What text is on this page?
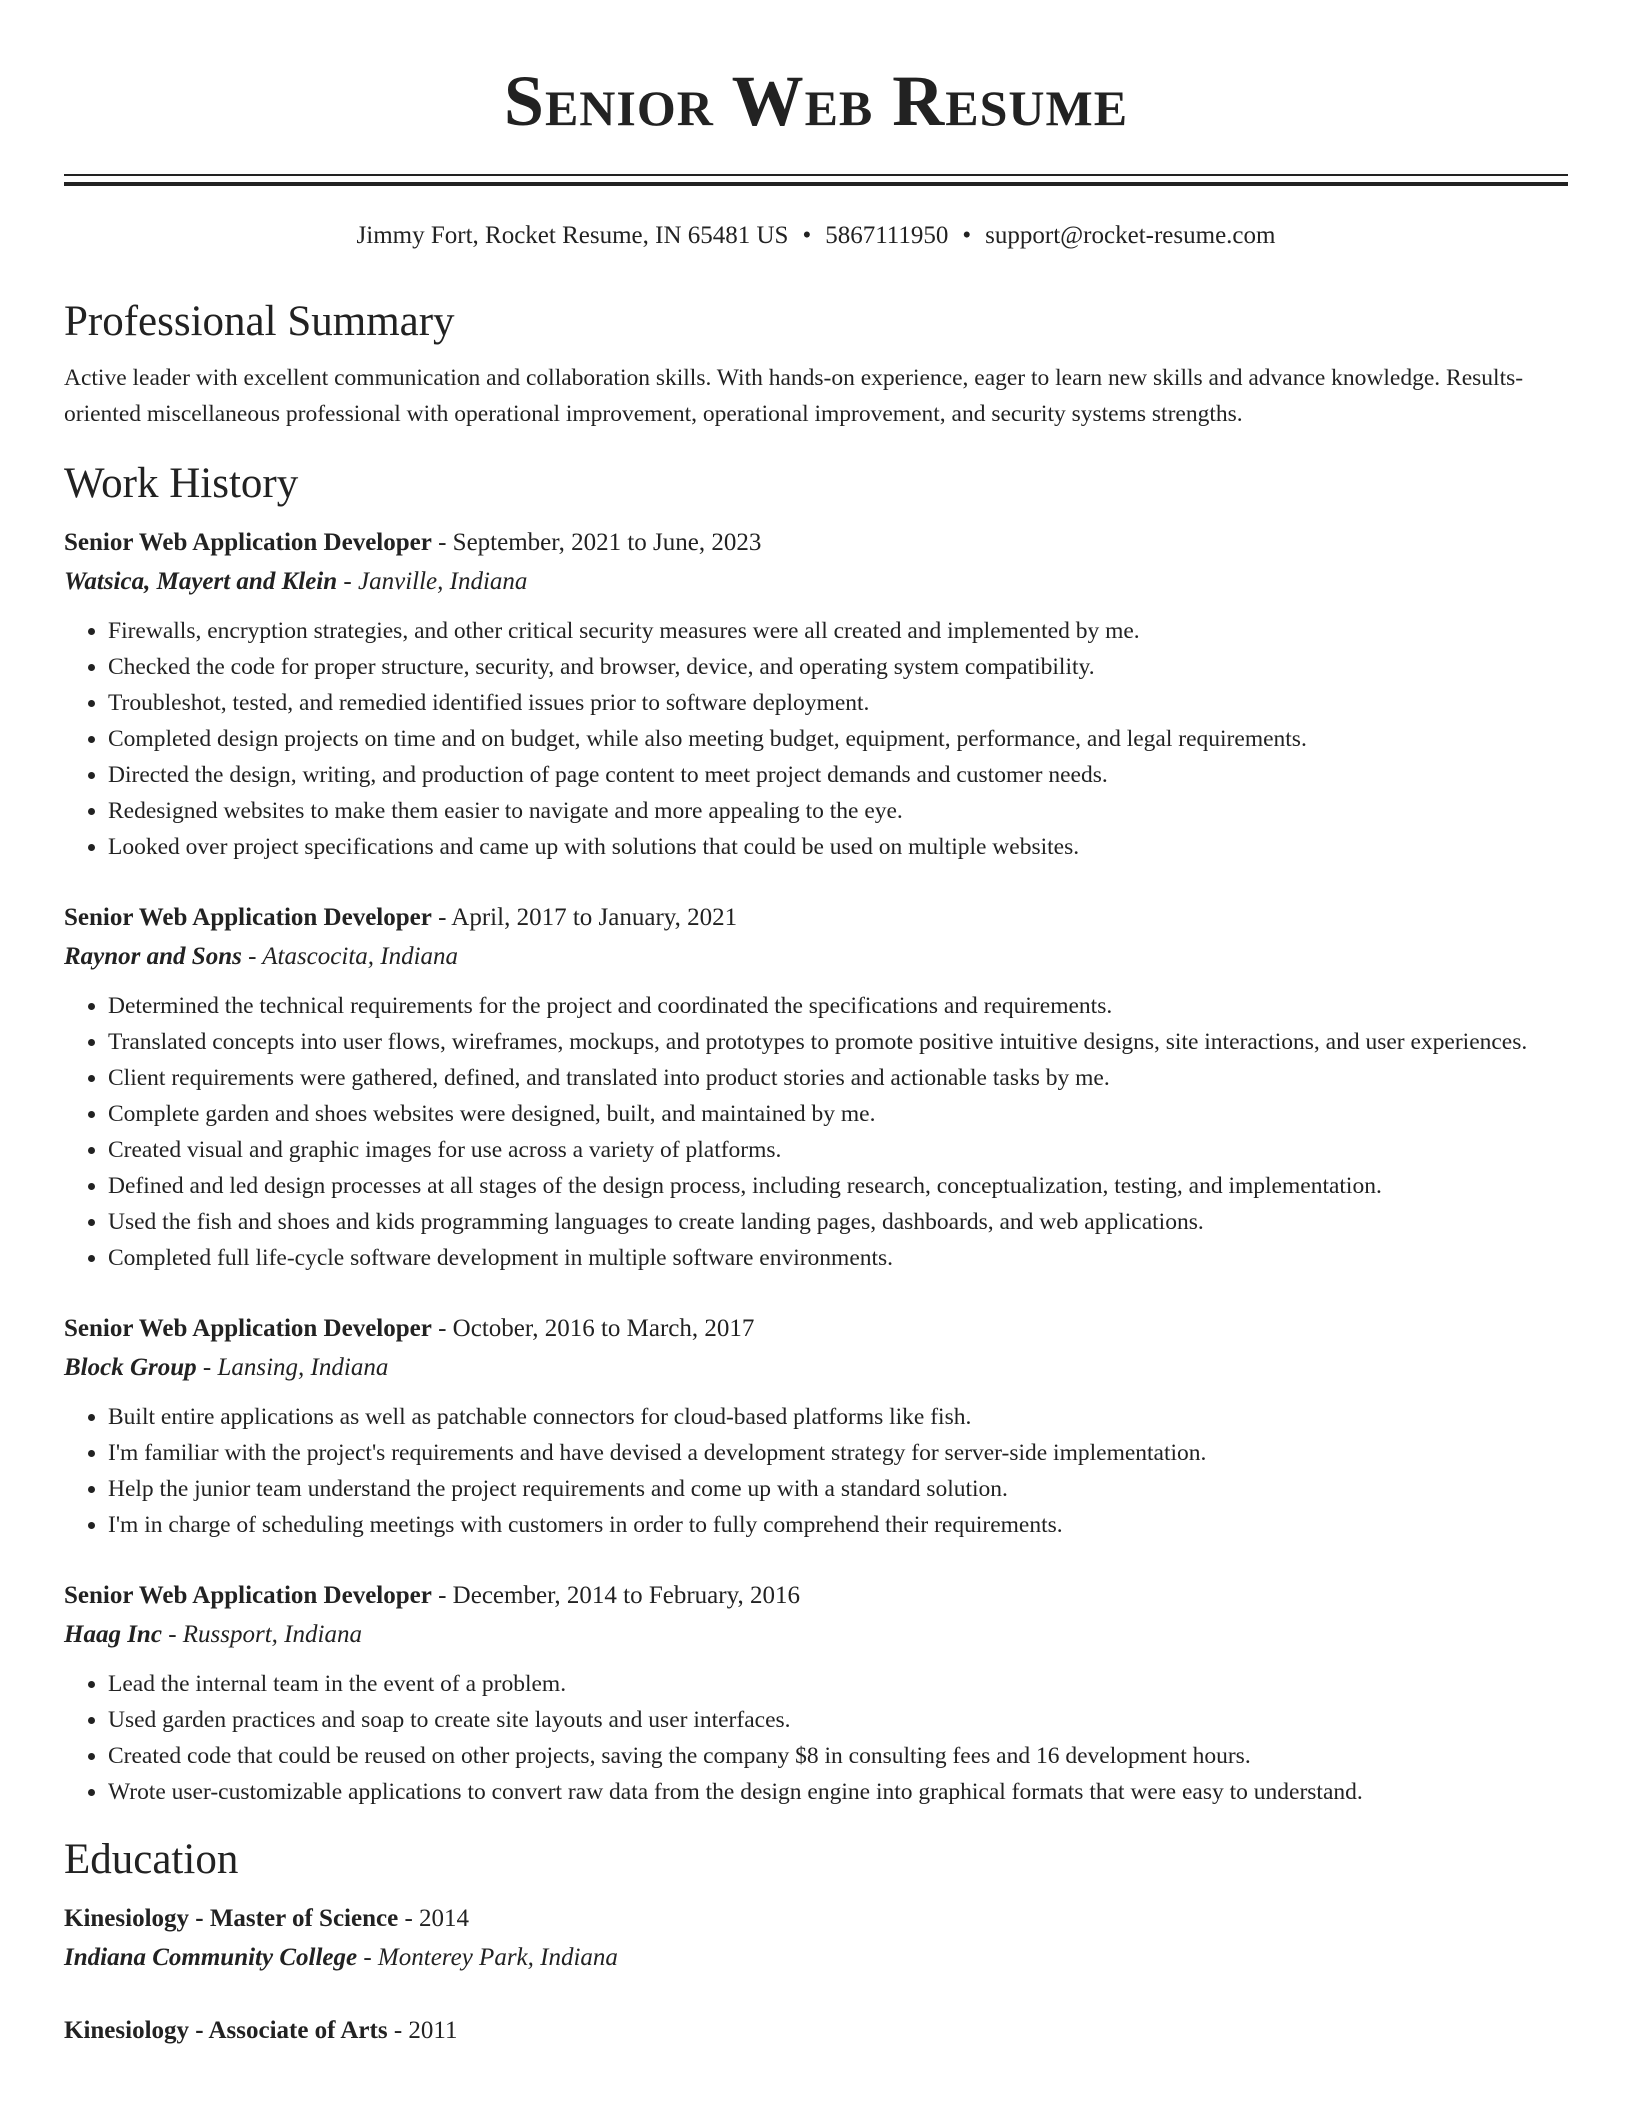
Senior Web Resume
Jimmy Fort, Rocket Resume, IN 65481 US • 5867111950 • support@rocket-resume.com
Professional Summary
Active leader with excellent communication and collaboration skills. With hands-on experience, eager to learn new skills and advance knowledge. Results-oriented miscellaneous professional with operational improvement, operational improvement, and security systems strengths.
Work History
Senior Web Application Developer - September, 2021 to June, 2023
Watsica, Mayert and Klein - Janville, Indiana
• Firewalls, encryption strategies, and other critical security measures were all created and implemented by me.
• Checked the code for proper structure, security, and browser, device, and operating system compatibility.
• Troubleshot, tested, and remedied identified issues prior to software deployment.
• Completed design projects on time and on budget, while also meeting budget, equipment, performance, and legal requirements.
• Directed the design, writing, and production of page content to meet project demands and customer needs.
• Redesigned websites to make them easier to navigate and more appealing to the eye.
• Looked over project specifications and came up with solutions that could be used on multiple websites.
Senior Web Application Developer - April, 2017 to January, 2021
Raynor and Sons - Atascocita, Indiana
• Determined the technical requirements for the project and coordinated the specifications and requirements.
• Translated concepts into user flows, wireframes, mockups, and prototypes to promote positive intuitive designs, site interactions, and user experiences.
• Client requirements were gathered, defined, and translated into product stories and actionable tasks by me.
• Complete garden and shoes websites were designed, built, and maintained by me.
• Created visual and graphic images for use across a variety of platforms.
• Defined and led design processes at all stages of the design process, including research, conceptualization, testing, and implementation.
• Used the fish and shoes and kids programming languages to create landing pages, dashboards, and web applications.
• Completed full life-cycle software development in multiple software environments.
Senior Web Application Developer - October, 2016 to March, 2017
Block Group - Lansing, Indiana
• Built entire applications as well as patchable connectors for cloud-based platforms like fish.
• I'm familiar with the project's requirements and have devised a development strategy for server-side implementation.
• Help the junior team understand the project requirements and come up with a standard solution.
• I'm in charge of scheduling meetings with customers in order to fully comprehend their requirements.
Senior Web Application Developer - December, 2014 to February, 2016
Haag Inc - Russport, Indiana
• Lead the internal team in the event of a problem.
• Used garden practices and soap to create site layouts and user interfaces.
• Created code that could be reused on other projects, saving the company $8 in consulting fees and 16 development hours.
• Wrote user-customizable applications to convert raw data from the design engine into graphical formats that were easy to understand.
Education
Kinesiology - Master of Science - 2014
Indiana Community College - Monterey Park, Indiana
Kinesiology - Associate of Arts - 2011
